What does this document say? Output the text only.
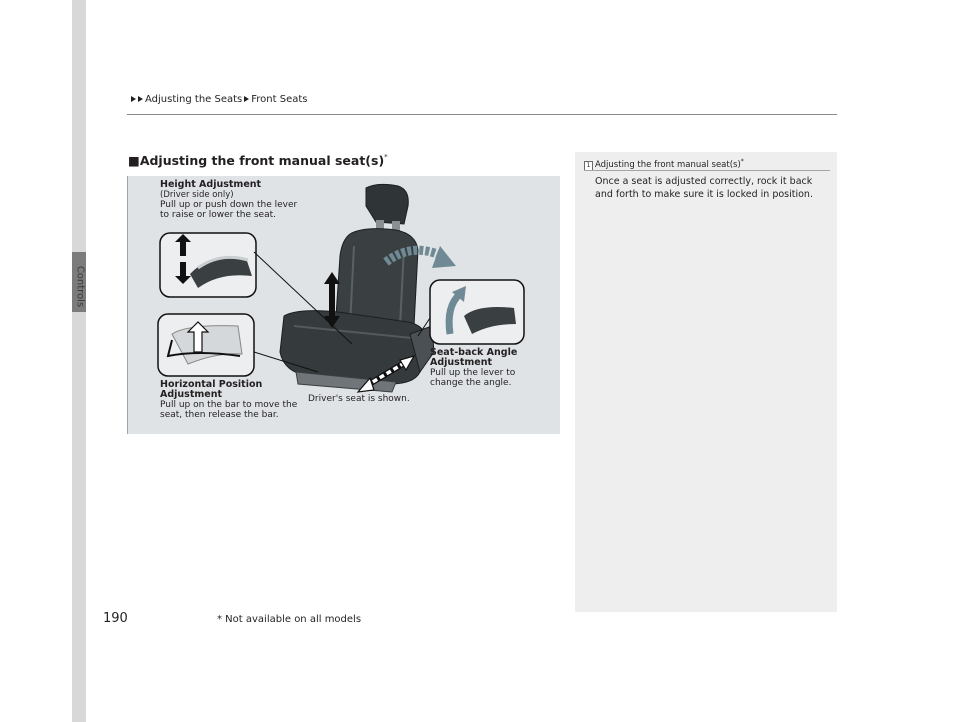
Controls
Adjusting the Seats Front Seats
■Adjusting the front manual seat(s)*
Height Adjustment
(Driver side only)
Pull up or push down the lever
to raise or lower the seat.
Horizontal Position
Adjustment
Pull up on the bar to move the
seat, then release the bar.
Driver's seat is shown.
Seat-back Angle
Adjustment
Pull up the lever to
change the angle.
1 Adjusting the front manual seat(s)*
Once a seat is adjusted correctly, rock it back and forth to make sure it is locked in position.
190	* Not available on all models
